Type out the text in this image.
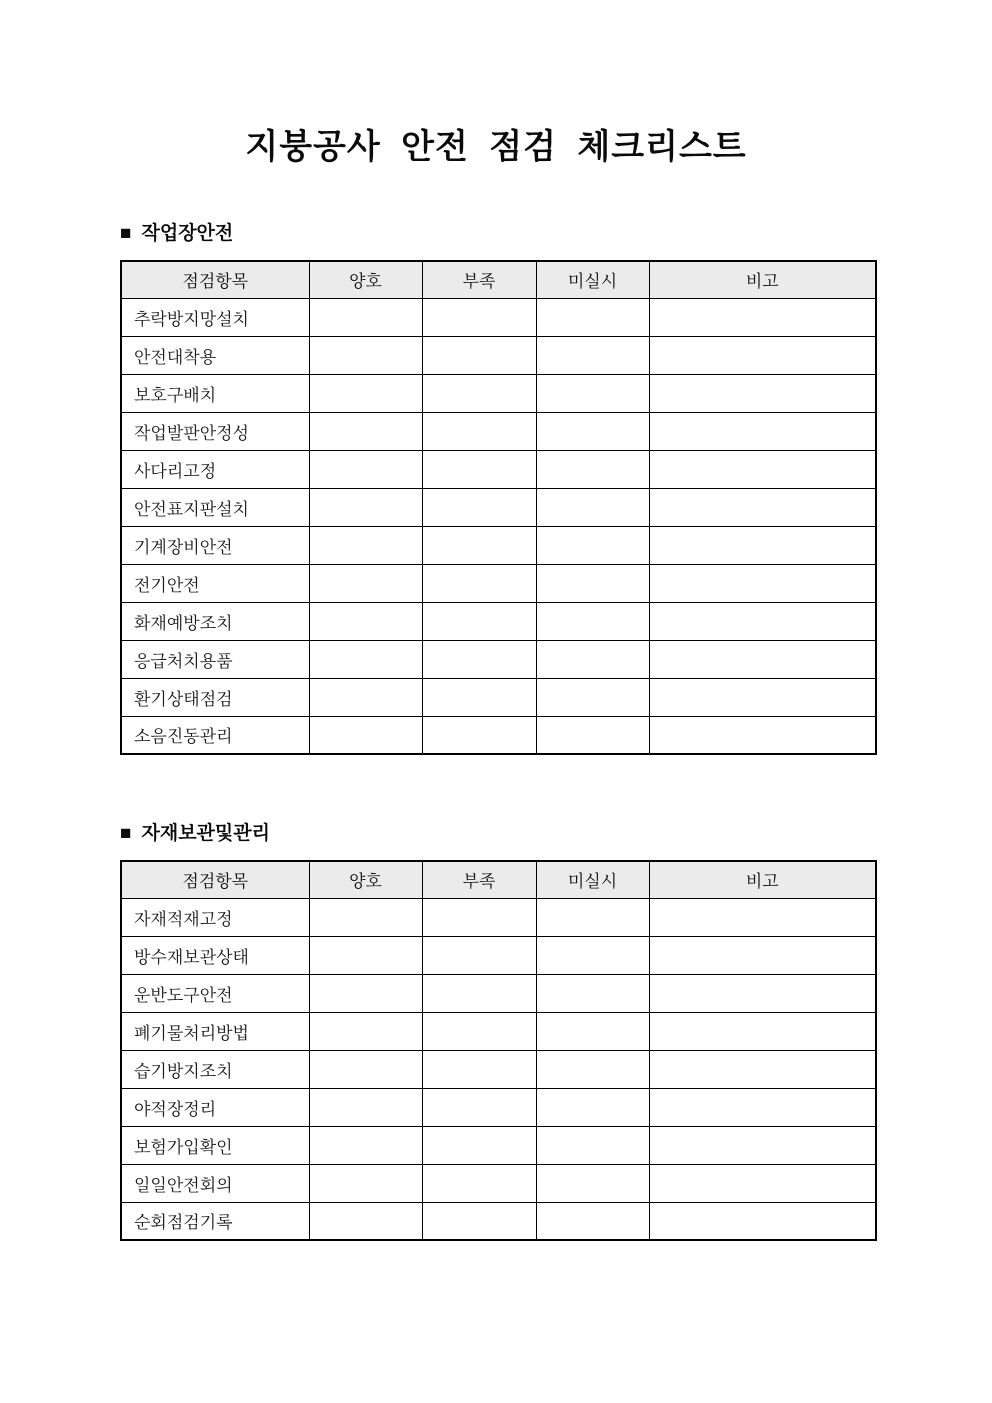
지붕공사 안전 점검 체크리스트
■ 작업장안전
점검항목	양호	부족	미실시	비고
추락방지망설치				
안전대착용				
보호구배치				
작업발판안정성				
사다리고정				
안전표지판설치				
기계장비안전				
전기안전				
화재예방조치				
응급처치용품				
환기상태점검				
소음진동관리				
■ 자재보관및관리
점검항목	양호	부족	미실시	비고
자재적재고정				
방수재보관상태				
운반도구안전				
폐기물처리방법				
습기방지조치				
야적장정리				
보험가입확인				
일일안전회의				
순회점검기록				
